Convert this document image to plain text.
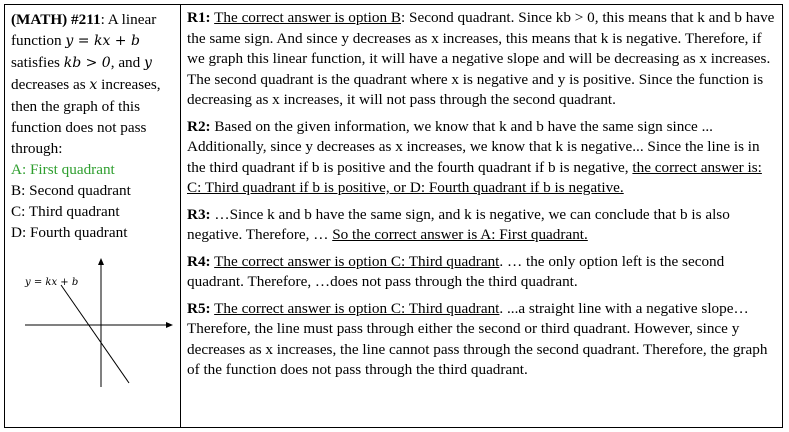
(MATH) #211: A linear function y = kx + b satisfies kb > 0, and y decreases as x increases, then the graph of this function does not pass through:

A: First quadrant
B: Second quadrant
C: Third quadrant
D: Fourth quadrant
y = kx + b

R1: The correct answer is option B: Second quadrant. Since kb > 0, this means that k and b have the same sign. And since y decreases as x increases, this means that k is negative. Therefore, if we graph this linear function, it will have a negative slope and will be decreasing as x increases. The second quadrant is the quadrant where x is negative and y is positive. Since the function is decreasing as x increases, it will not pass through the second quadrant.

R2: Based on the given information, we know that k and b have the same sign since ... Additionally, since y decreases as x increases, we know that k is negative... Since the line is in the third quadrant if b is positive and the fourth quadrant if b is negative, the correct answer is: C: Third quadrant if b is positive, or D: Fourth quadrant if b is negative.

R3: …Since k and b have the same sign, and k is negative, we can conclude that b is also negative. Therefore, … So the correct answer is A: First quadrant.

R4: The correct answer is option C: Third quadrant. … the only option left is the second quadrant. Therefore, …does not pass through the third quadrant.

R5: The correct answer is option C: Third quadrant. ...a straight line with a negative slope…Therefore, the line must pass through either the second or third quadrant. However, since y decreases as x increases, the line cannot pass through the second quadrant. Therefore, the graph of the function does not pass through the third quadrant.
